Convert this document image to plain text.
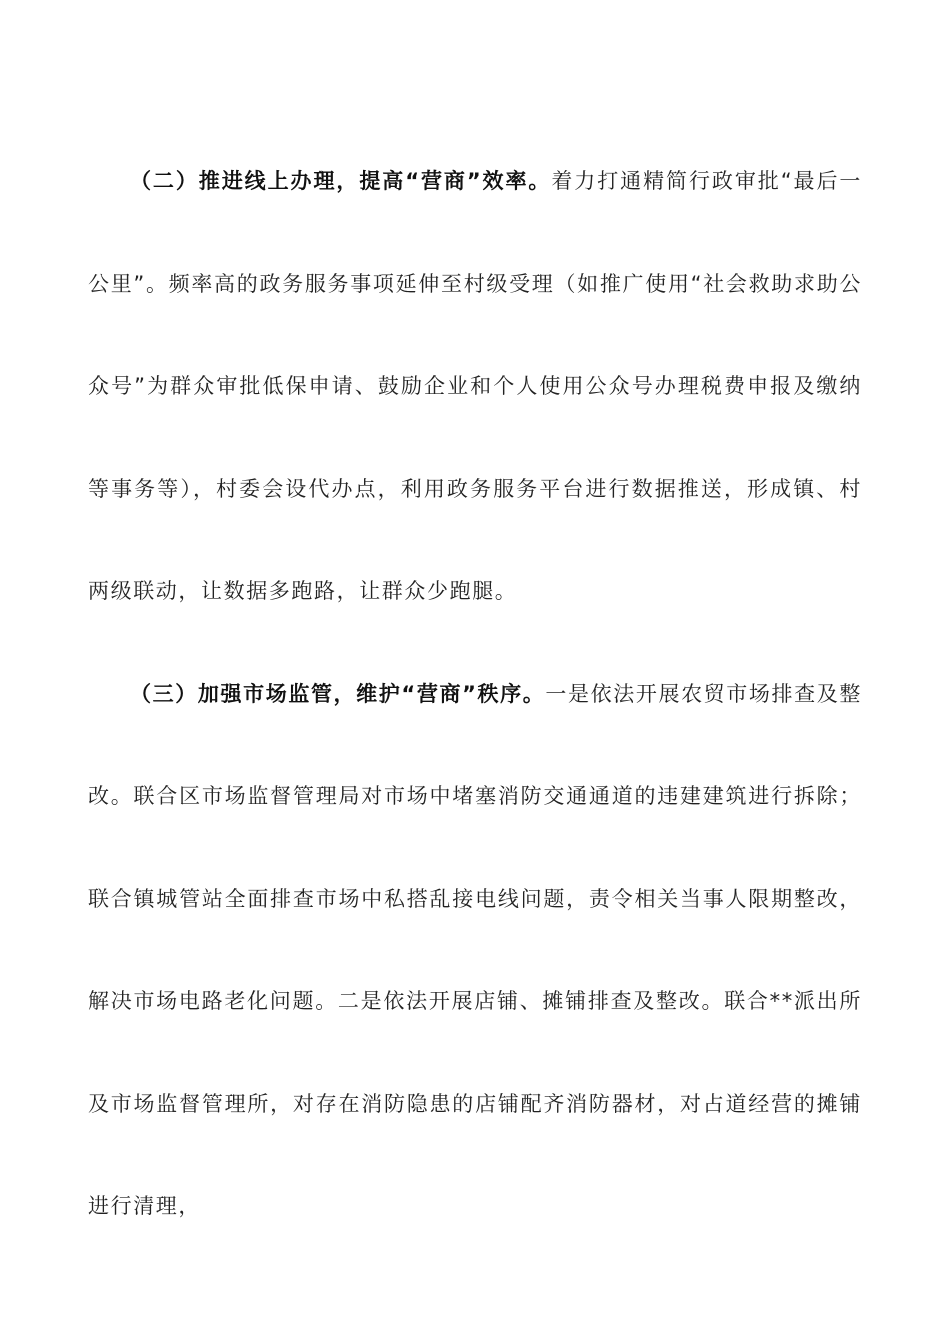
（二）推进线上办理，提高“营商”效率。着力打通精简行政审批“最后一公里”。频率高的政务服务事项延伸至村级受理（如推广使用“社会救助求助公众号”为群众审批低保申请、鼓励企业和个人使用公众号办理税费申报及缴纳等事务等），村委会设代办点，利用政务服务平台进行数据推送，形成镇、村两级联动，让数据多跑路，让群众少跑腿。

（三）加强市场监管，维护“营商”秩序。一是依法开展农贸市场排查及整改。联合区市场监督管理局对市场中堵塞消防交通通道的违建建筑进行拆除；联合镇城管站全面排查市场中私搭乱接电线问题，责令相关当事人限期整改，解决市场电路老化问题。二是依法开展店铺、摊铺排查及整改。联合**派出所及市场监督管理所，对存在消防隐患的店铺配齐消防器材，对占道经营的摊铺进行清理，
